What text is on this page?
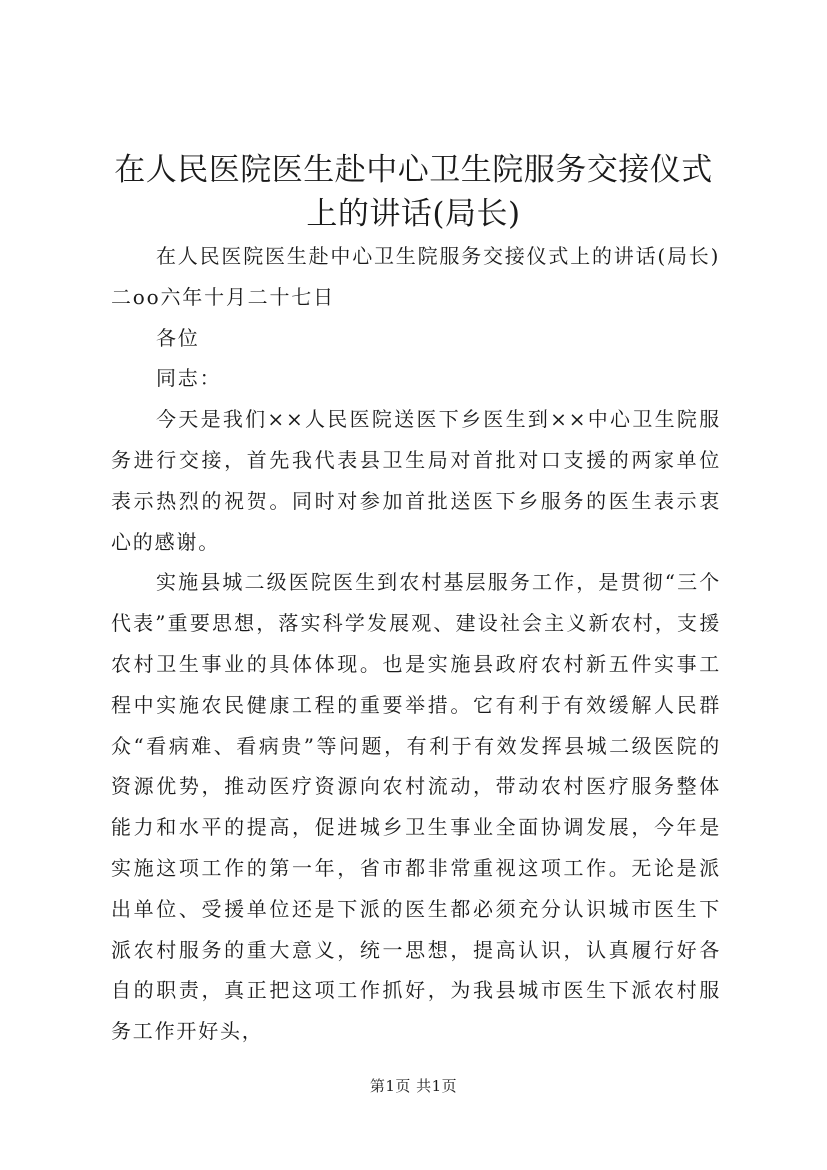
在人民医院医生赴中心卫生院服务交接仪式上的讲话(局长)

在人民医院医生赴中心卫生院服务交接仪式上的讲话(局长)

二oo六年十月二十七日

各位

同志：

今天是我们××人民医院送医下乡医生到××中心卫生院服务进行交接，首先我代表县卫生局对首批对口支援的两家单位表示热烈的祝贺。同时对参加首批送医下乡服务的医生表示衷心的感谢。

实施县城二级医院医生到农村基层服务工作，是贯彻“三个代表”重要思想，落实科学发展观、建设社会主义新农村，支援农村卫生事业的具体体现。也是实施县政府农村新五件实事工程中实施农民健康工程的重要举措。它有利于有效缓解人民群众“看病难、看病贵”等问题，有利于有效发挥县城二级医院的资源优势，推动医疗资源向农村流动，带动农村医疗服务整体能力和水平的提高，促进城乡卫生事业全面协调发展，今年是实施这项工作的第一年，省市都非常重视这项工作。无论是派出单位、受援单位还是下派的医生都必须充分认识城市医生下派农村服务的重大意义，统一思想，提高认识，认真履行好各自的职责，真正把这项工作抓好，为我县城市医生下派农村服务工作开好头，

第1页 共1页
